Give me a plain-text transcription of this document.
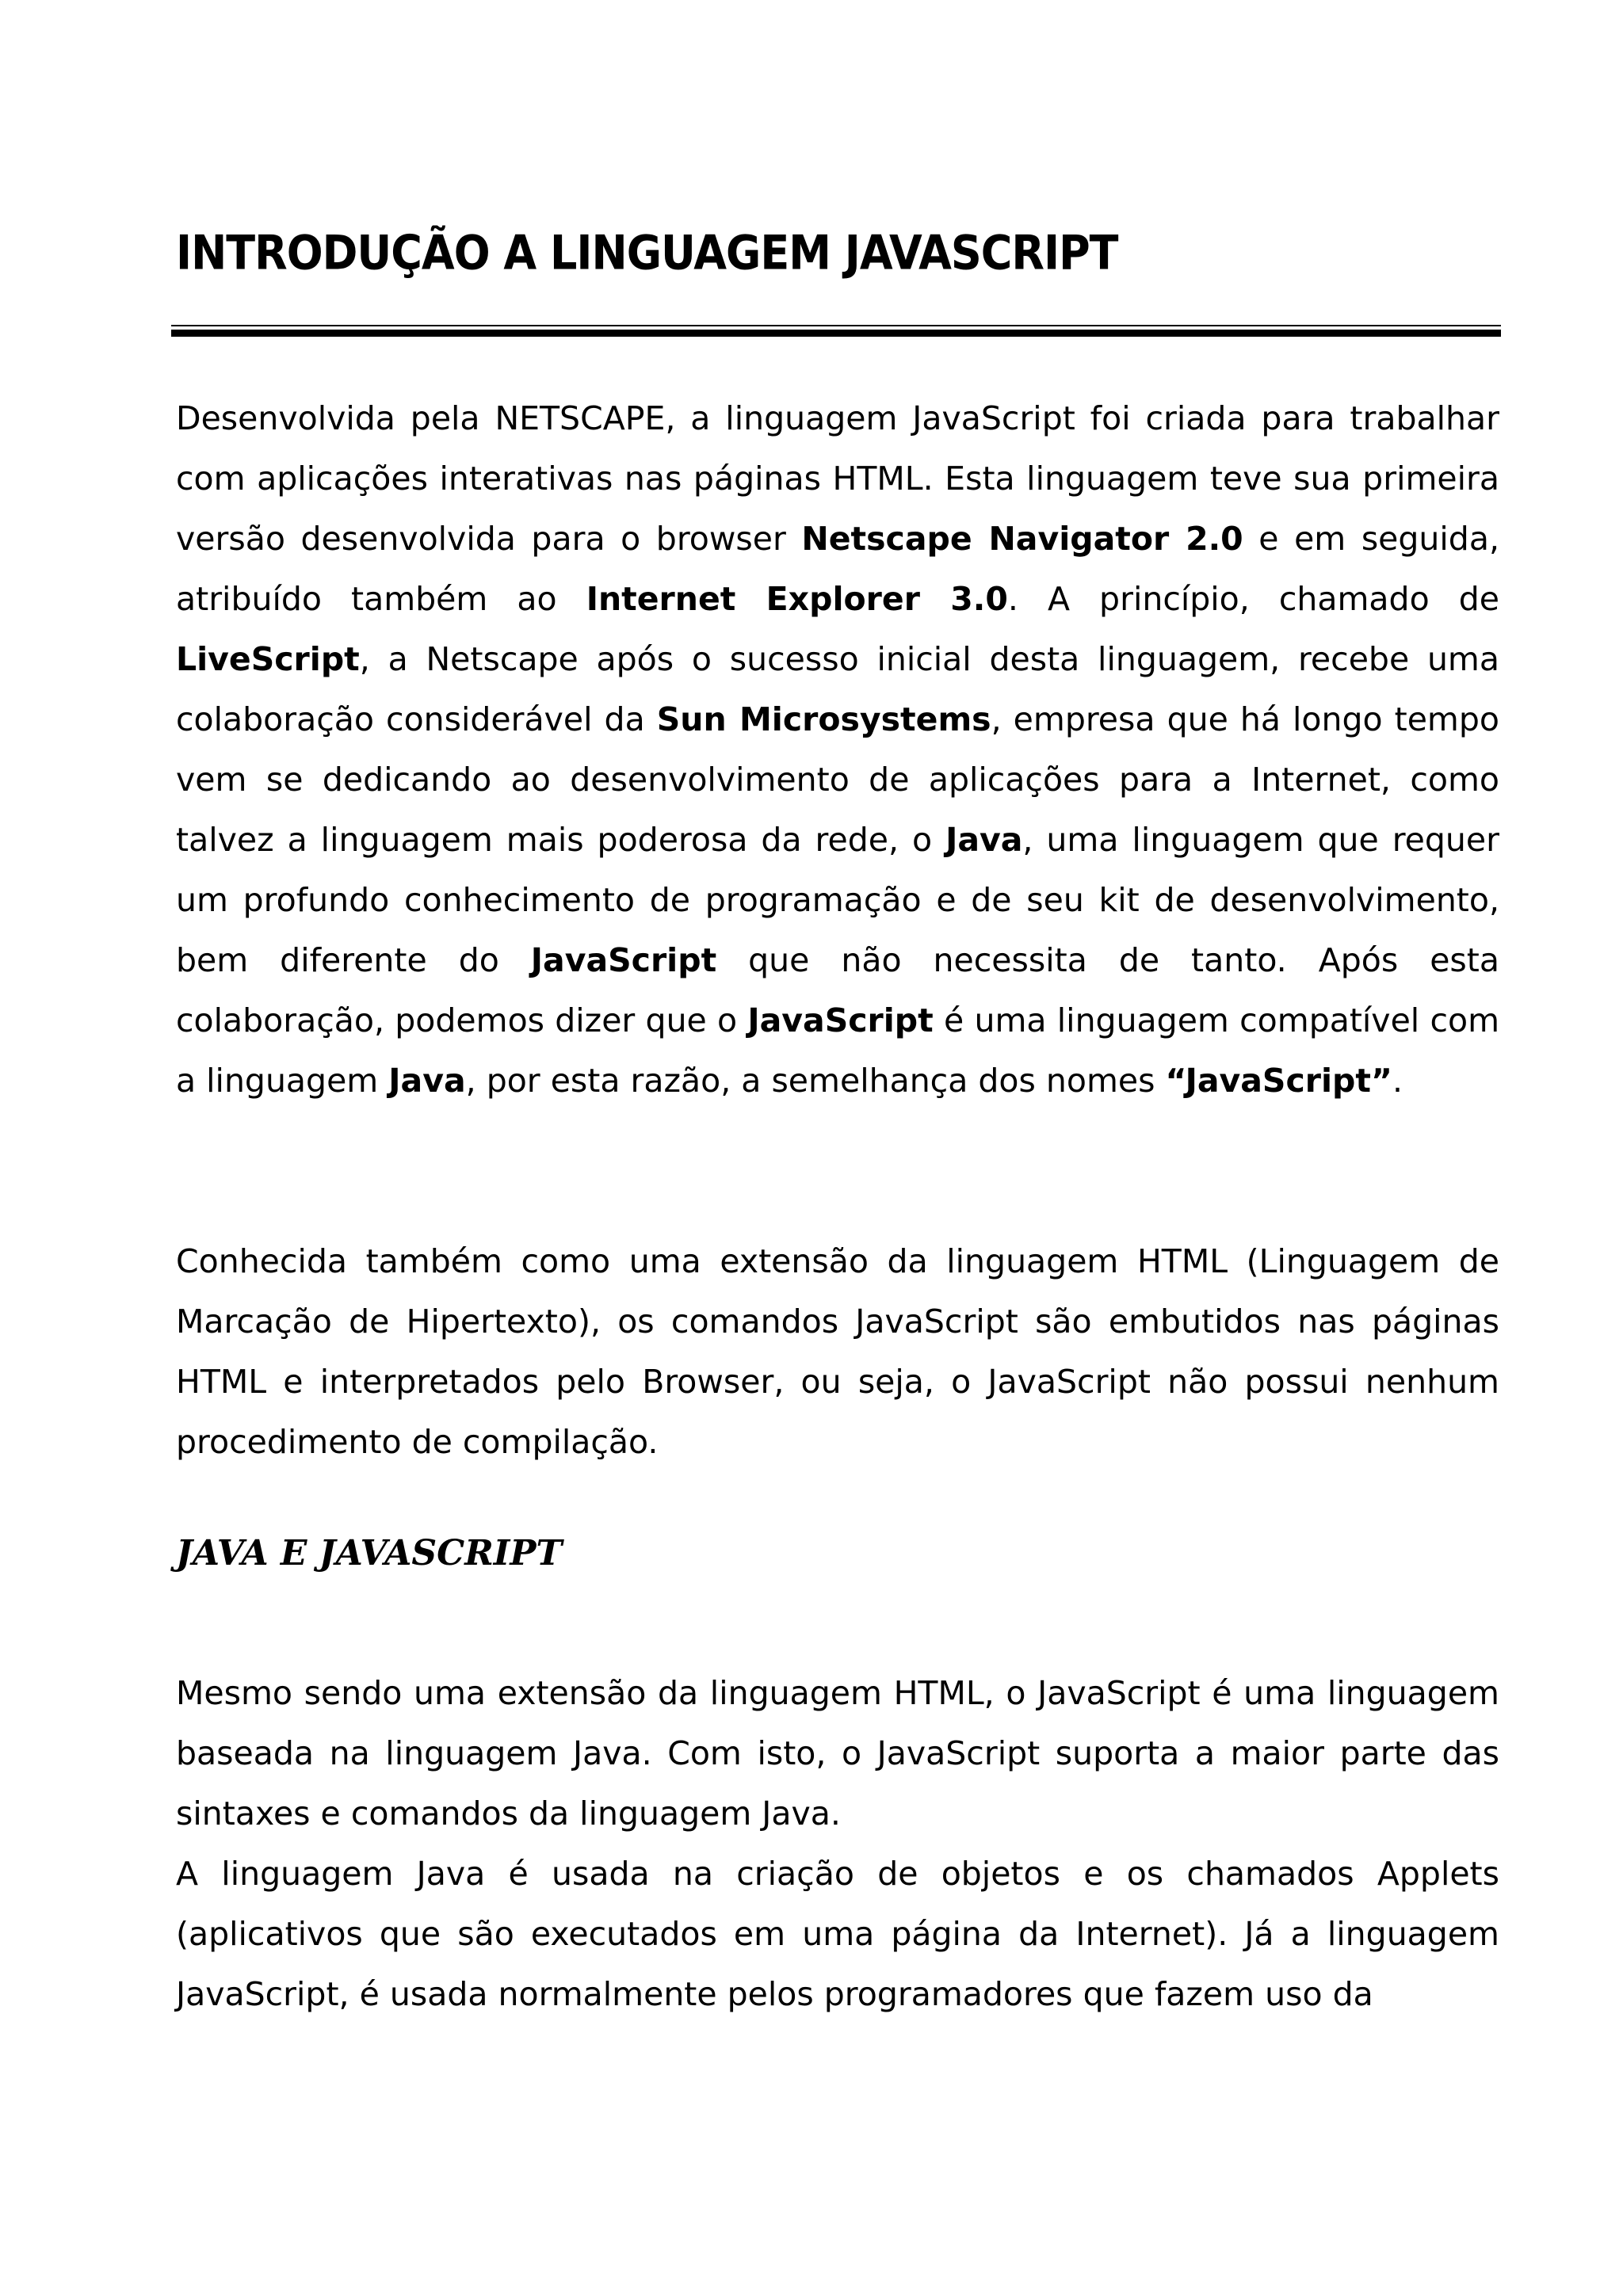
INTRODUÇÃO A LINGUAGEM JAVASCRIPT

Desenvolvida pela NETSCAPE, a linguagem JavaScript foi criada para trabalhar com aplicações interativas nas páginas HTML. Esta linguagem teve sua primeira versão desenvolvida para o browser Netscape Navigator 2.0 e em seguida, atribuído também ao Internet Explorer 3.0. A princípio, chamado de LiveScript, a Netscape após o sucesso inicial desta linguagem, recebe uma colaboração considerável da Sun Microsystems, empresa que há longo tempo vem se dedicando ao desenvolvimento de aplicações para a Internet, como talvez a linguagem mais poderosa da rede, o Java, uma linguagem que requer um profundo conhecimento de programação e de seu kit de desenvolvimento, bem diferente do JavaScript que não necessita de tanto. Após esta colaboração, podemos dizer que o JavaScript é uma linguagem compatível com a linguagem Java, por esta razão, a semelhança dos nomes “JavaScript”.

Conhecida também como uma extensão da linguagem HTML (Linguagem de Marcação de Hipertexto), os comandos JavaScript são embutidos nas páginas HTML e interpretados pelo Browser, ou seja, o JavaScript não possui nenhum procedimento de compilação.

JAVA E JAVASCRIPT

Mesmo sendo uma extensão da linguagem HTML, o JavaScript é uma linguagem baseada na linguagem Java. Com isto, o JavaScript suporta a maior parte das sintaxes e comandos da linguagem Java.

A linguagem Java é usada na criação de objetos e os chamados Applets (aplicativos que são executados em uma página da Internet). Já a linguagem JavaScript, é usada normalmente pelos programadores que fazem uso da
